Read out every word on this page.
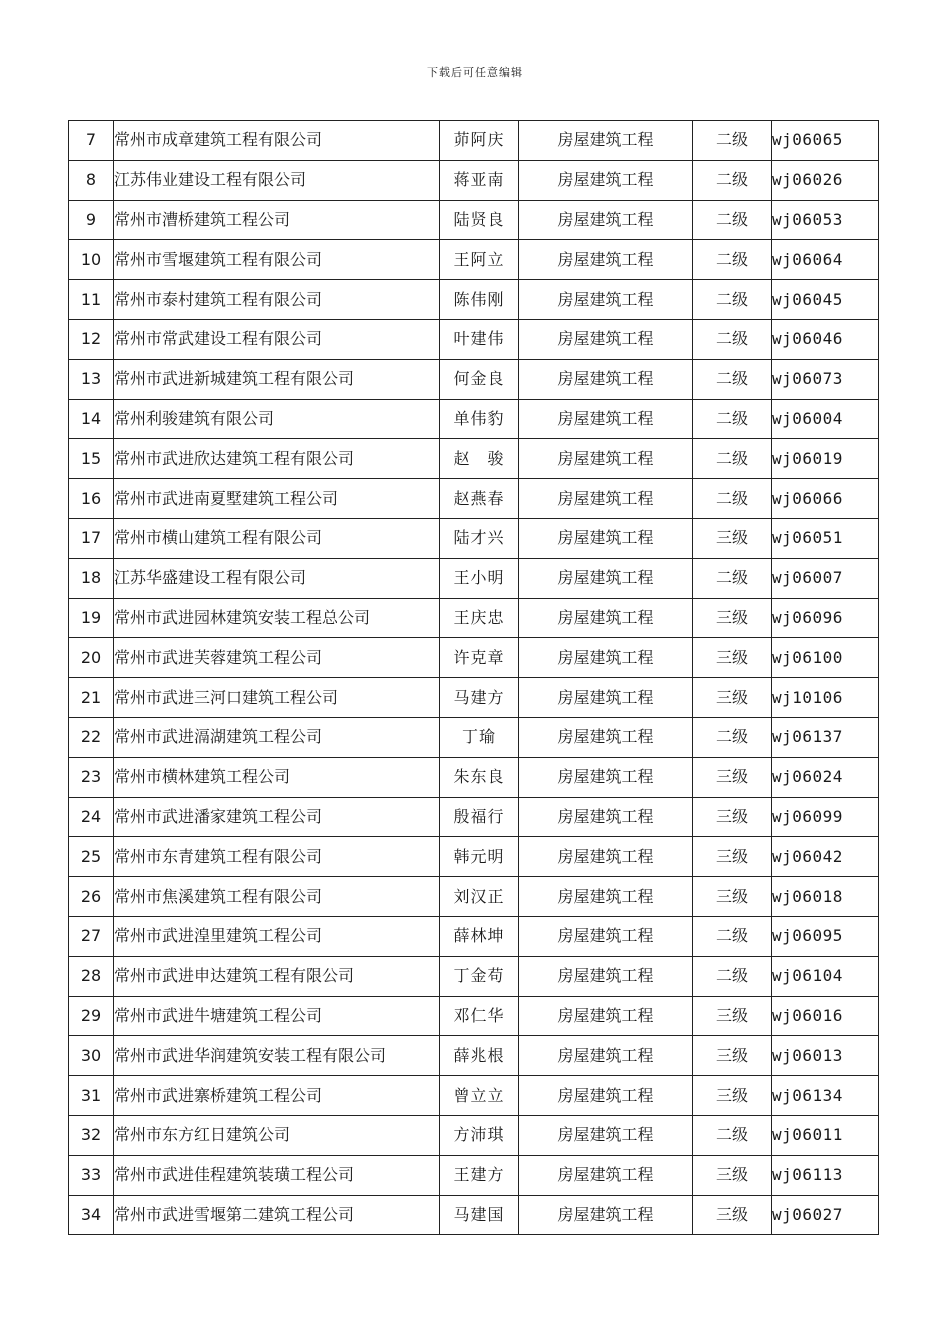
下载后可任意编辑
7	常州市成章建筑工程有限公司	茆阿庆	房屋建筑工程	二级	wj06065
8	江苏伟业建设工程有限公司	蒋亚南	房屋建筑工程	二级	wj06026
9	常州市漕桥建筑工程公司	陆贤良	房屋建筑工程	二级	wj06053
10	常州市雪堰建筑工程有限公司	王阿立	房屋建筑工程	二级	wj06064
11	常州市泰村建筑工程有限公司	陈伟刚	房屋建筑工程	二级	wj06045
12	常州市常武建设工程有限公司	叶建伟	房屋建筑工程	二级	wj06046
13	常州市武进新城建筑工程有限公司	何金良	房屋建筑工程	二级	wj06073
14	常州利骏建筑有限公司	单伟豹	房屋建筑工程	二级	wj06004
15	常州市武进欣达建筑工程有限公司	赵　骏	房屋建筑工程	二级	wj06019
16	常州市武进南夏墅建筑工程公司	赵燕春	房屋建筑工程	二级	wj06066
17	常州市横山建筑工程有限公司	陆才兴	房屋建筑工程	三级	wj06051
18	江苏华盛建设工程有限公司	王小明	房屋建筑工程	二级	wj06007
19	常州市武进园林建筑安装工程总公司	王庆忠	房屋建筑工程	三级	wj06096
20	常州市武进芙蓉建筑工程公司	许克章	房屋建筑工程	三级	wj06100
21	常州市武进三河口建筑工程公司	马建方	房屋建筑工程	三级	wj10106
22	常州市武进滆湖建筑工程公司	丁瑜	房屋建筑工程	二级	wj06137
23	常州市横林建筑工程公司	朱东良	房屋建筑工程	三级	wj06024
24	常州市武进潘家建筑工程公司	殷福行	房屋建筑工程	三级	wj06099
25	常州市东青建筑工程有限公司	韩元明	房屋建筑工程	三级	wj06042
26	常州市焦溪建筑工程有限公司	刘汉正	房屋建筑工程	三级	wj06018
27	常州市武进湟里建筑工程公司	薛林坤	房屋建筑工程	二级	wj06095
28	常州市武进申达建筑工程有限公司	丁金苟	房屋建筑工程	二级	wj06104
29	常州市武进牛塘建筑工程公司	邓仁华	房屋建筑工程	三级	wj06016
30	常州市武进华润建筑安装工程有限公司	薛兆根	房屋建筑工程	三级	wj06013
31	常州市武进寨桥建筑工程公司	曾立立	房屋建筑工程	三级	wj06134
32	常州市东方红日建筑公司	方沛琪	房屋建筑工程	二级	wj06011
33	常州市武进佳程建筑装璜工程公司	王建方	房屋建筑工程	三级	wj06113
34	常州市武进雪堰第二建筑工程公司	马建国	房屋建筑工程	三级	wj06027
